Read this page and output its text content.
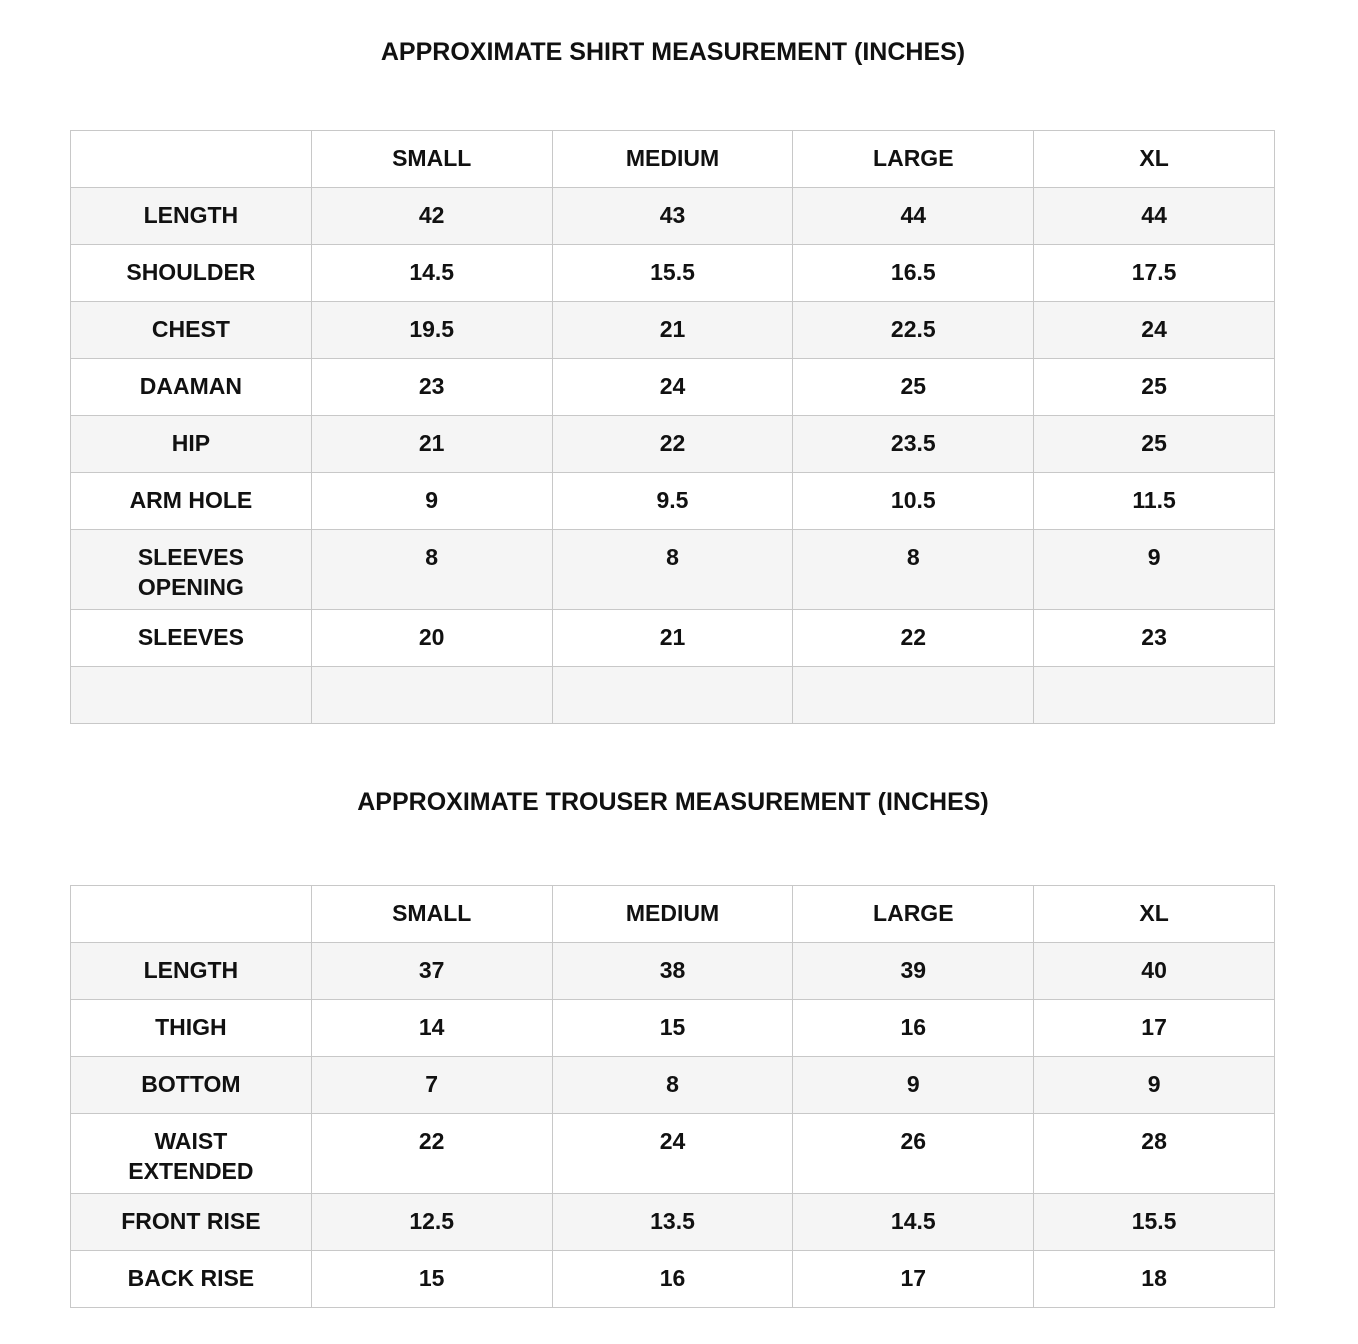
APPROXIMATE SHIRT MEASUREMENT (INCHES)
	SMALL	MEDIUM	LARGE	XL
LENGTH	42	43	44	44
SHOULDER	14.5	15.5	16.5	17.5
CHEST	19.5	21	22.5	24
DAAMAN	23	24	25	25
HIP	21	22	23.5	25
ARM HOLE	9	9.5	10.5	11.5
SLEEVES OPENING	8	8	8	9
SLEEVES	20	21	22	23

APPROXIMATE TROUSER MEASUREMENT (INCHES)
	SMALL	MEDIUM	LARGE	XL
LENGTH	37	38	39	40
THIGH	14	15	16	17
BOTTOM	7	8	9	9
WAIST EXTENDED	22	24	26	28
FRONT RISE	12.5	13.5	14.5	15.5
BACK RISE	15	16	17	18
